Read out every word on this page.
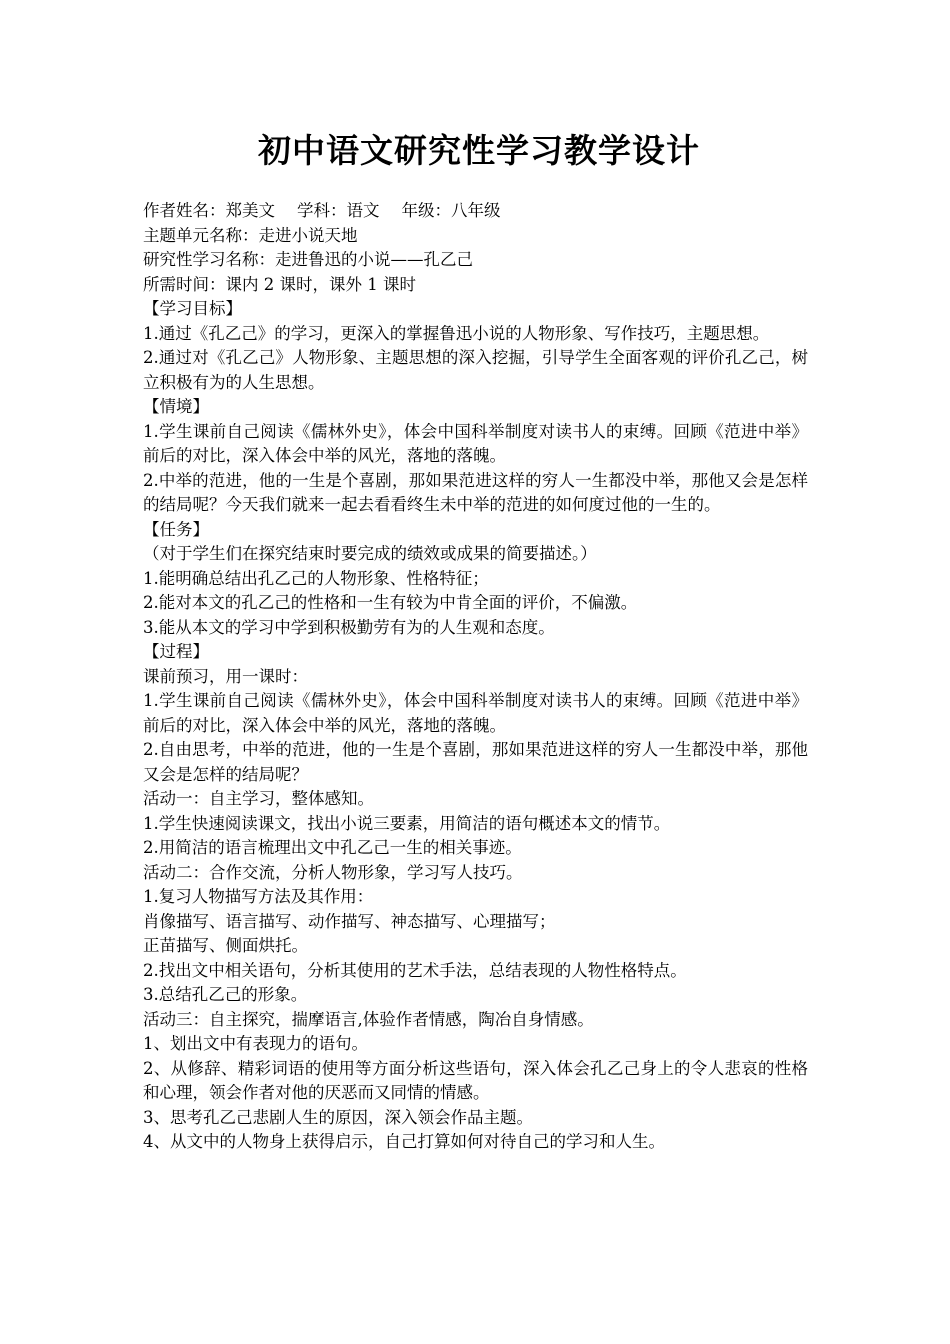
初中语文研究性学习教学设计

作者姓名：郑美文 学科：语文 年级：八年级

主题单元名称：走进小说天地

研究性学习名称：走进鲁迅的小说——孔乙己

所需时间：课内 2 课时，课外 1 课时

【学习目标】

1.通过《孔乙己》的学习，更深入的掌握鲁迅小说的人物形象、写作技巧，主题思想。

2.通过对《孔乙己》人物形象、主题思想的深入挖掘，引导学生全面客观的评价孔乙己，树立积极有为的人生思想。

【情境】

1.学生课前自己阅读《儒林外史》，体会中国科举制度对读书人的束缚。回顾《范进中举》前后的对比，深入体会中举的风光，落地的落魄。

2.中举的范进，他的一生是个喜剧，那如果范进这样的穷人一生都没中举，那他又会是怎样的结局呢？今天我们就来一起去看看终生未中举的范进的如何度过他的一生的。

【任务】

（对于学生们在探究结束时要完成的绩效或成果的简要描述。）

1.能明确总结出孔乙己的人物形象、性格特征；

2.能对本文的孔乙己的性格和一生有较为中肯全面的评价，不偏激。

3.能从本文的学习中学到积极勤劳有为的人生观和态度。

【过程】

课前预习，用一课时：

1.学生课前自己阅读《儒林外史》，体会中国科举制度对读书人的束缚。回顾《范进中举》前后的对比，深入体会中举的风光，落地的落魄。

2.自由思考，中举的范进，他的一生是个喜剧，那如果范进这样的穷人一生都没中举，那他又会是怎样的结局呢？

活动一：自主学习，整体感知。

1.学生快速阅读课文，找出小说三要素，用简洁的语句概述本文的情节。

2.用简洁的语言梳理出文中孔乙己一生的相关事迹。

活动二：合作交流，分析人物形象，学习写人技巧。

1.复习人物描写方法及其作用：

肖像描写、语言描写、动作描写、神态描写、心理描写；

正苗描写、侧面烘托。

2.找出文中相关语句，分析其使用的艺术手法，总结表现的人物性格特点。

3.总结孔乙己的形象。

活动三：自主探究，揣摩语言,体验作者情感，陶冶自身情感。

1、划出文中有表现力的语句。

2、从修辞、精彩词语的使用等方面分析这些语句，深入体会孔乙己身上的令人悲哀的性格和心理，领会作者对他的厌恶而又同情的情感。

3、思考孔乙己悲剧人生的原因，深入领会作品主题。

4、从文中的人物身上获得启示，自己打算如何对待自己的学习和人生。
